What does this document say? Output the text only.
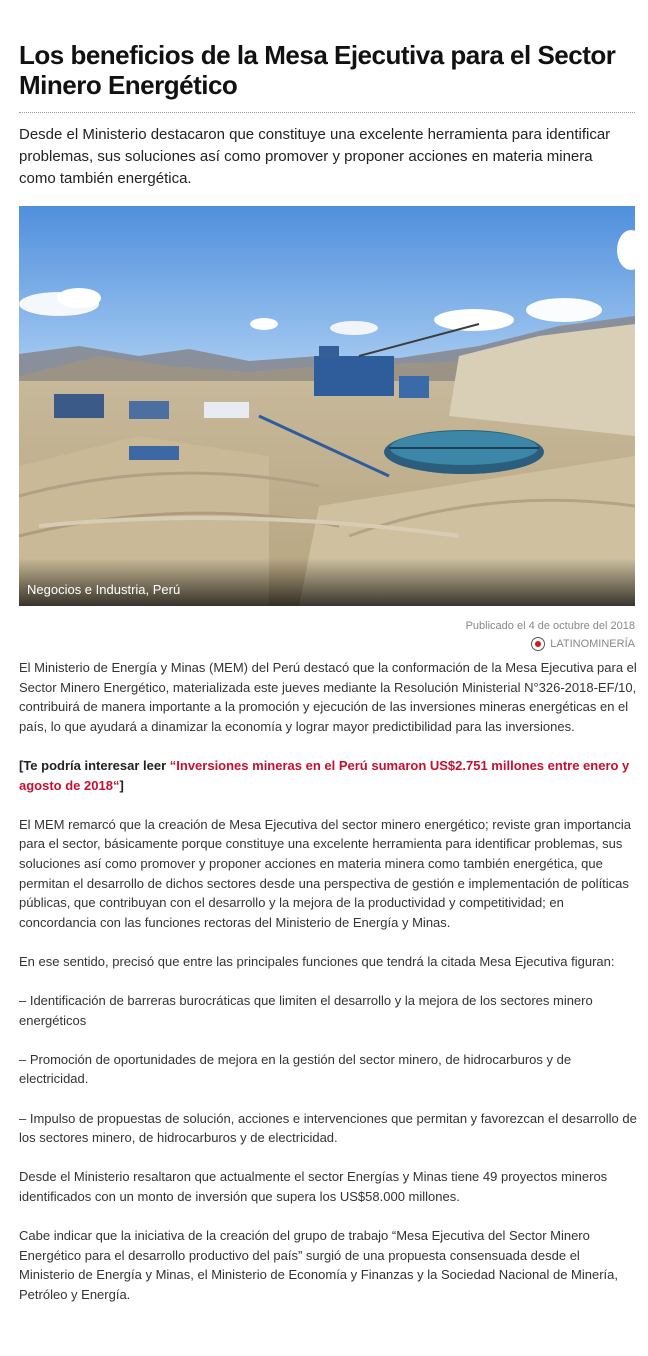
Los beneficios de la Mesa Ejecutiva para el Sector Minero Energético

Desde el Ministerio destacaron que constituye una excelente herramienta para identificar problemas, sus soluciones así como promover y proponer acciones en materia minera como también energética.

Negocios e Industria, Perú
Publicado el 4 de octubre del 2018
LATINOMINERÍA

El Ministerio de Energía y Minas (MEM) del Perú destacó que la conformación de la Mesa Ejecutiva para el Sector Minero Energético, materializada este jueves mediante la Resolución Ministerial N°326-2018-EF/10, contribuirá de manera importante a la promoción y ejecución de las inversiones mineras energéticas en el país, lo que ayudará a dinamizar la economía y lograr mayor predictibilidad para las inversiones.

[Te podría interesar leer “Inversiones mineras en el Perú sumaron US$2.751 millones entre enero y agosto de 2018“]

El MEM remarcó que la creación de Mesa Ejecutiva del sector minero energético; reviste gran importancia para el sector, básicamente porque constituye una excelente herramienta para identificar problemas, sus soluciones así como promover y proponer acciones en materia minera como también energética, que permitan el desarrollo de dichos sectores desde una perspectiva de gestión e implementación de políticas públicas, que contribuyan con el desarrollo y la mejora de la productividad y competitividad; en concordancia con las funciones rectoras del Ministerio de Energía y Minas.

En ese sentido, precisó que entre las principales funciones que tendrá la citada Mesa Ejecutiva figuran:

– Identificación de barreras burocráticas que limiten el desarrollo y la mejora de los sectores minero energéticos

– Promoción de oportunidades de mejora en la gestión del sector minero, de hidrocarburos y de electricidad.

– Impulso de propuestas de solución, acciones e intervenciones que permitan y favorezcan el desarrollo de los sectores minero, de hidrocarburos y de electricidad.

Desde el Ministerio resaltaron que actualmente el sector Energías y Minas tiene 49 proyectos mineros identificados con un monto de inversión que supera los US$58.000 millones.

Cabe indicar que la iniciativa de la creación del grupo de trabajo “Mesa Ejecutiva del Sector Minero Energético para el desarrollo productivo del país” surgió de una propuesta consensuada desde el Ministerio de Energía y Minas, el Ministerio de Economía y Finanzas y la Sociedad Nacional de Minería, Petróleo y Energía.
